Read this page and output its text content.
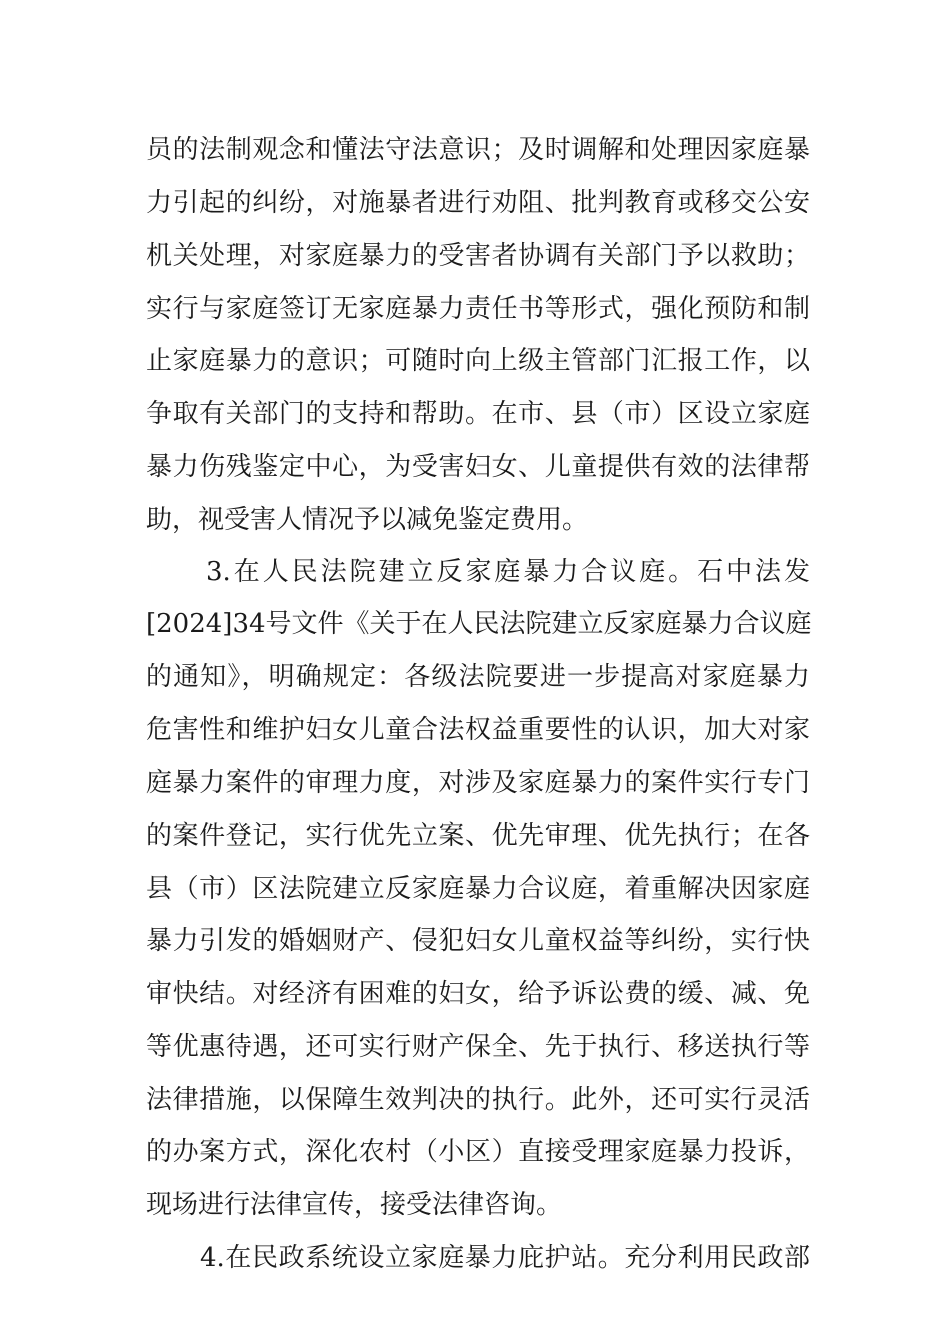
员的法制观念和懂法守法意识；及时调解和处理因家庭暴
力引起的纠纷，对施暴者进行劝阻、批判教育或移交公安
机关处理，对家庭暴力的受害者协调有关部门予以救助；
实行与家庭签订无家庭暴力责任书等形式，强化预防和制
止家庭暴力的意识；可随时向上级主管部门汇报工作，以
争取有关部门的支持和帮助。在市、县（市）区设立家庭
暴力伤残鉴定中心，为受害妇女、儿童提供有效的法律帮
助，视受害人情况予以减免鉴定费用。
3.在人民法院建立反家庭暴力合议庭。石中法发
[2024]34号文件《关于在人民法院建立反家庭暴力合议庭
的通知》，明确规定：各级法院要进一步提高对家庭暴力
危害性和维护妇女儿童合法权益重要性的认识，加大对家
庭暴力案件的审理力度，对涉及家庭暴力的案件实行专门
的案件登记，实行优先立案、优先审理、优先执行；在各
县（市）区法院建立反家庭暴力合议庭，着重解决因家庭
暴力引发的婚姻财产、侵犯妇女儿童权益等纠纷，实行快
审快结。对经济有困难的妇女，给予诉讼费的缓、减、免
等优惠待遇，还可实行财产保全、先于执行、移送执行等
法律措施，以保障生效判决的执行。此外，还可实行灵活
的办案方式，深化农村（小区）直接受理家庭暴力投诉，
现场进行法律宣传，接受法律咨询。
4.在民政系统设立家庭暴力庇护站。充分利用民政部
